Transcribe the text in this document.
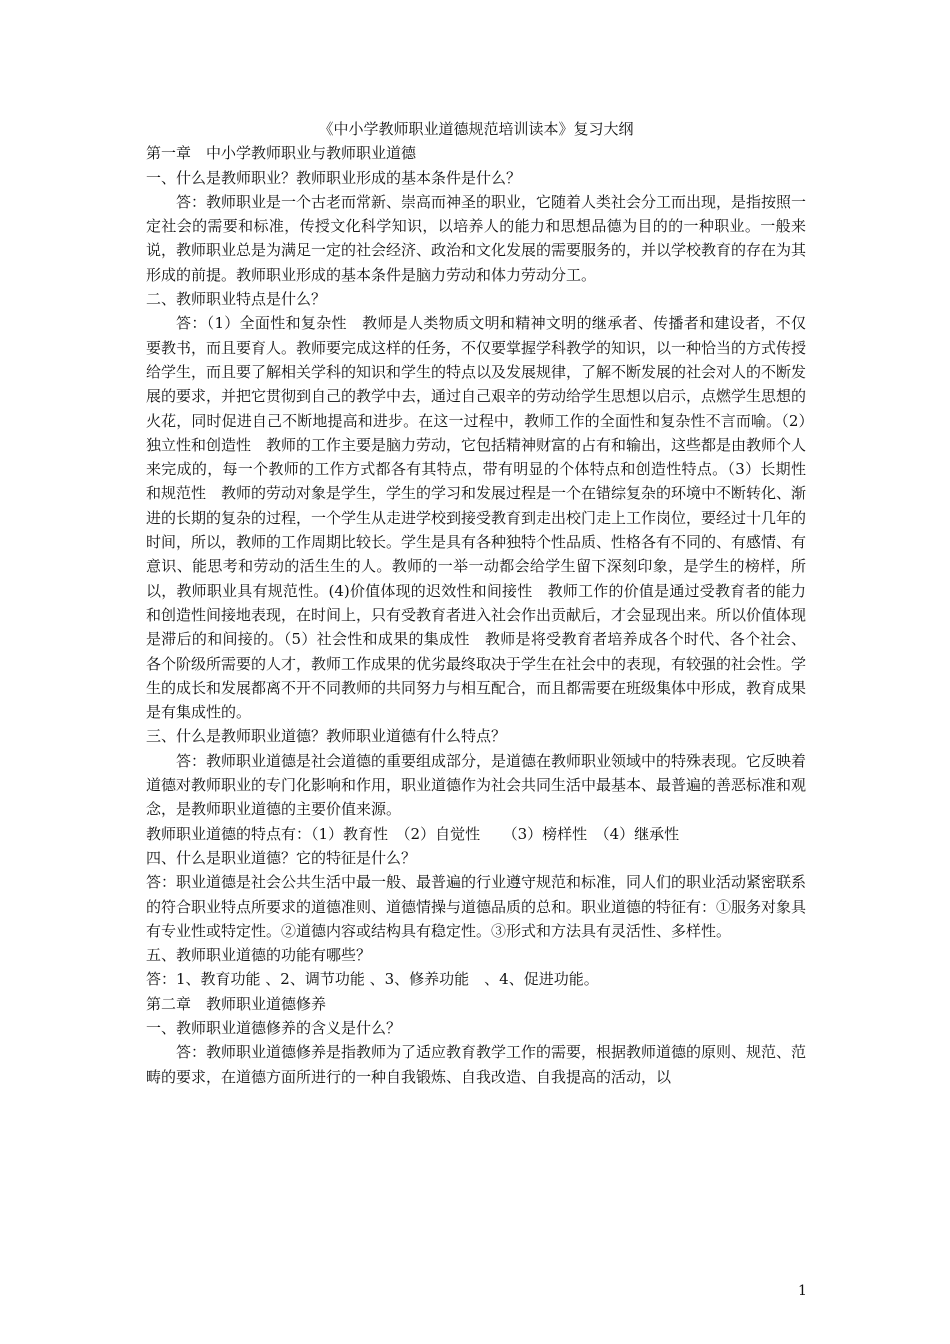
《中小学教师职业道德规范培训读本》复习大纲

第一章　中小学教师职业与教师职业道德

一、什么是教师职业？教师职业形成的基本条件是什么？

答：教师职业是一个古老而常新、崇高而神圣的职业，它随着人类社会分工而出现，是指按照一定社会的需要和标准，传授文化科学知识，以培养人的能力和思想品德为目的的一种职业。一般来说，教师职业总是为满足一定的社会经济、政治和文化发展的需要服务的，并以学校教育的存在为其形成的前提。教师职业形成的基本条件是脑力劳动和体力劳动分工。

二、教师职业特点是什么？

答：（1）全面性和复杂性　教师是人类物质文明和精神文明的继承者、传播者和建设者，不仅要教书，而且要育人。教师要完成这样的任务，不仅要掌握学科教学的知识，以一种恰当的方式传授给学生，而且要了解相关学科的知识和学生的特点以及发展规律，了解不断发展的社会对人的不断发展的要求，并把它贯彻到自己的教学中去，通过自己艰辛的劳动给学生思想以启示，点燃学生思想的火花，同时促进自己不断地提高和进步。在这一过程中，教师工作的全面性和复杂性不言而喻。（2）独立性和创造性　教师的工作主要是脑力劳动，它包括精神财富的占有和输出，这些都是由教师个人来完成的，每一个教师的工作方式都各有其特点，带有明显的个体特点和创造性特点。（3）长期性和规范性　教师的劳动对象是学生，学生的学习和发展过程是一个在错综复杂的环境中不断转化、渐进的长期的复杂的过程，一个学生从走进学校到接受教育到走出校门走上工作岗位，要经过十几年的时间，所以，教师的工作周期比较长。学生是具有各种独特个性品质、性格各有不同的、有感情、有意识、能思考和劳动的活生生的人。教师的一举一动都会给学生留下深刻印象，是学生的榜样，所以，教师职业具有规范性。(4)价值体现的迟效性和间接性　教师工作的价值是通过受教育者的能力和创造性间接地表现，在时间上，只有受教育者进入社会作出贡献后，才会显现出来。所以价值体现是滞后的和间接的。（5）社会性和成果的集成性　教师是将受教育者培养成各个时代、各个社会、各个阶级所需要的人才，教师工作成果的优劣最终取决于学生在社会中的表现，有较强的社会性。学生的成长和发展都离不开不同教师的共同努力与相互配合，而且都需要在班级集体中形成，教育成果是有集成性的。

三、什么是教师职业道德？教师职业道德有什么特点？

答：教师职业道德是社会道德的重要组成部分，是道德在教师职业领域中的特殊表现。它反映着道德对教师职业的专门化影响和作用，职业道德作为社会共同生活中最基本、最普遍的善恶标准和观念，是教师职业道德的主要价值来源。

教师职业道德的特点有：（1）教育性　（2）自觉性　　（3）榜样性　（4）继承性

四、什么是职业道德？它的特征是什么？

答：职业道德是社会公共生活中最一般、最普遍的行业遵守规范和标准，同人们的职业活动紧密联系的符合职业特点所要求的道德准则、道德情操与道德品质的总和。职业道德的特征有：①服务对象具有专业性或特定性。②道德内容或结构具有稳定性。③形式和方法具有灵活性、多样性。

五、教师职业道德的功能有哪些？

答：1、教育功能 、2、调节功能 、3、修养功能　、4、促进功能。

第二章　教师职业道德修养

一、教师职业道德修养的含义是什么？

答：教师职业道德修养是指教师为了适应教育教学工作的需要，根据教师道德的原则、规范、范畴的要求，在道德方面所进行的一种自我锻炼、自我改造、自我提高的活动，以

1
